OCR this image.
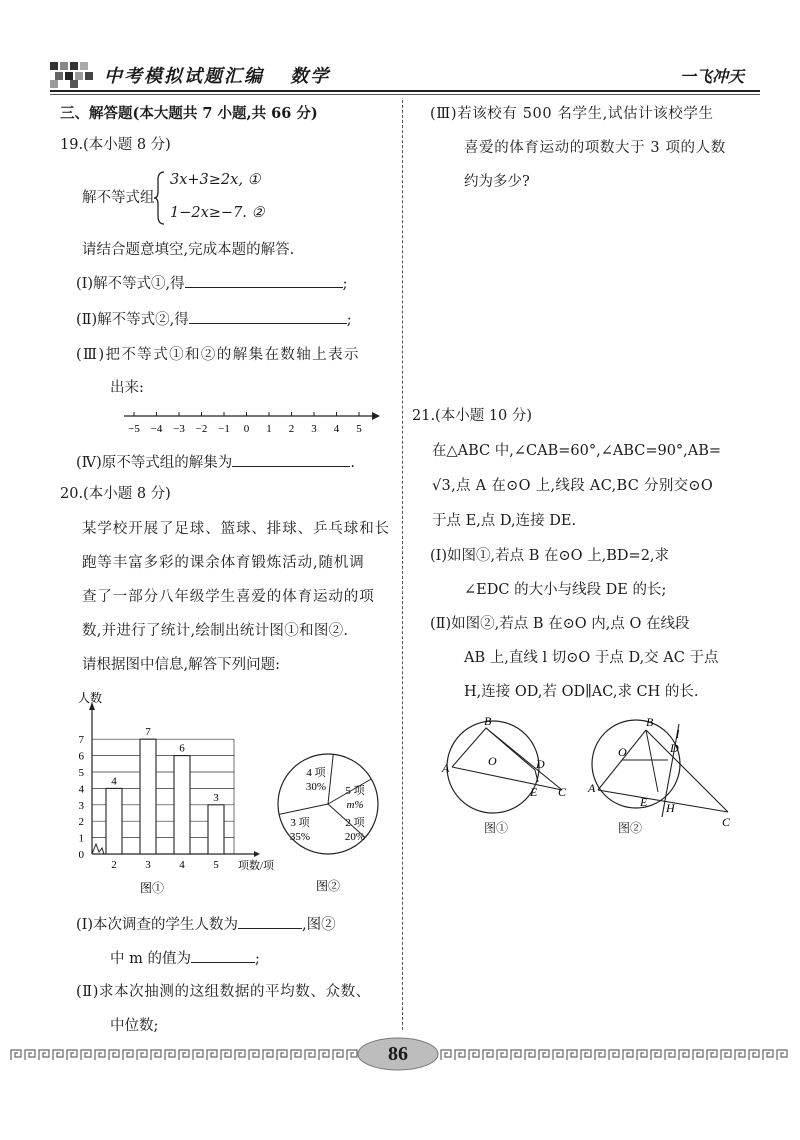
中考模拟试题汇编 数学	一飞冲天
三、解答题(本大题共 7 小题,共 66 分)
19.(本小题 8 分)
解不等式组
3x+3≥2x, ①
1−2x≥−7. ②
请结合题意填空,完成本题的解答.
(Ⅰ)解不等式①,得	;
(Ⅱ)解不等式②,得	;
(Ⅲ)把不等式①和②的解集在数轴上表示
出来:
−5 −4 −3 −2 −1 0 1 2 3 4 5
(Ⅳ)原不等式组的解集为	.
20.(本小题 8 分)
某学校开展了足球、篮球、排球、乒乓球和长
跑等丰富多彩的课余体育锻炼活动,随机调
查了一部分八年级学生喜爱的体育运动的项
数,并进行了统计,绘制出统计图①和图②.
请根据图中信息,解答下列问题:
0
1
2
3
4
5
6
7
人数
4
2
7
3
6
4
3
5 项数/项
图①
4 项
30% 5 项
m%
2 项
20%
3 项
35%
图②
(Ⅰ)本次调查的学生人数为	,图②
中 m 的值为	;
(Ⅱ)求本次抽测的这组数据的平均数、众数、
中位数;
(Ⅲ)若该校有 500 名学生,试估计该校学生
喜爱的体育运动的项数大于 3 项的人数
约为多少?
21.(本小题 10 分)
在△ABC 中,∠CAB=60°,∠ABC=90°,AB=
√3,点 A 在⊙O 上,线段 AC,BC 分别交⊙O
于点 E,点 D,连接 DE.
(Ⅰ)如图①,若点 B 在⊙O 上,BD=2,求
∠EDC 的大小与线段 DE 的长;
(Ⅱ)如图②,若点 B 在⊙O 内,点 O 在线段
AB 上,直线 l 切⊙O 于点 D,交 AC 于点
H,连接 OD,若 OD∥AC,求 CH 的长.
A
B
C
D
E
O
图①
A
B
C
D
E
O
H
l
图②
86
